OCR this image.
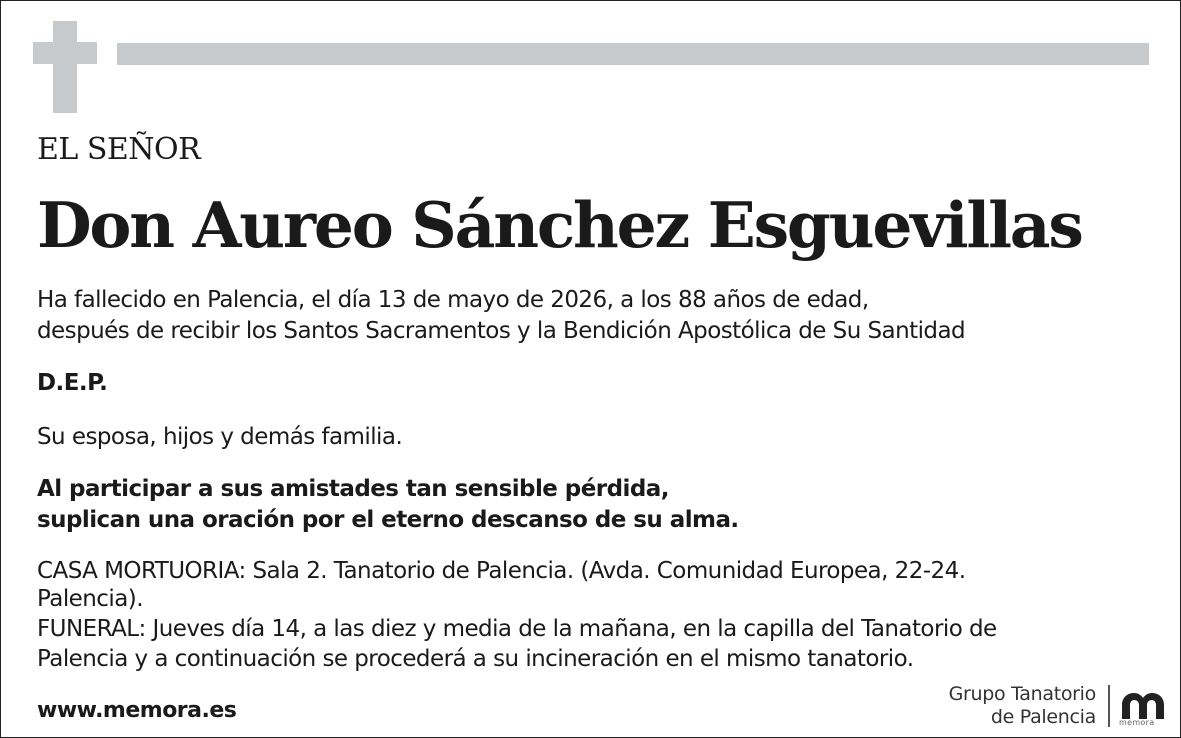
EL SEÑOR
Don Aureo Sánchez Esguevillas
Ha fallecido en Palencia, el día 13 de mayo de 2026, a los 88 años de edad,
después de recibir los Santos Sacramentos y la Bendición Apostólica de Su Santidad
D.E.P.
Su esposa, hijos y demás familia.
Al participar a sus amistades tan sensible pérdida,
suplican una oración por el eterno descanso de su alma.
CASA MORTUORIA: Sala 2. Tanatorio de Palencia. (Avda. Comunidad Europea, 22-24.
Palencia).
FUNERAL: Jueves día 14, a las diez y media de la mañana, en la capilla del Tanatorio de
Palencia y a continuación se procederá a su incineración en el mismo tanatorio.
www.memora.es
Grupo Tanatorio
de Palencia	memora
